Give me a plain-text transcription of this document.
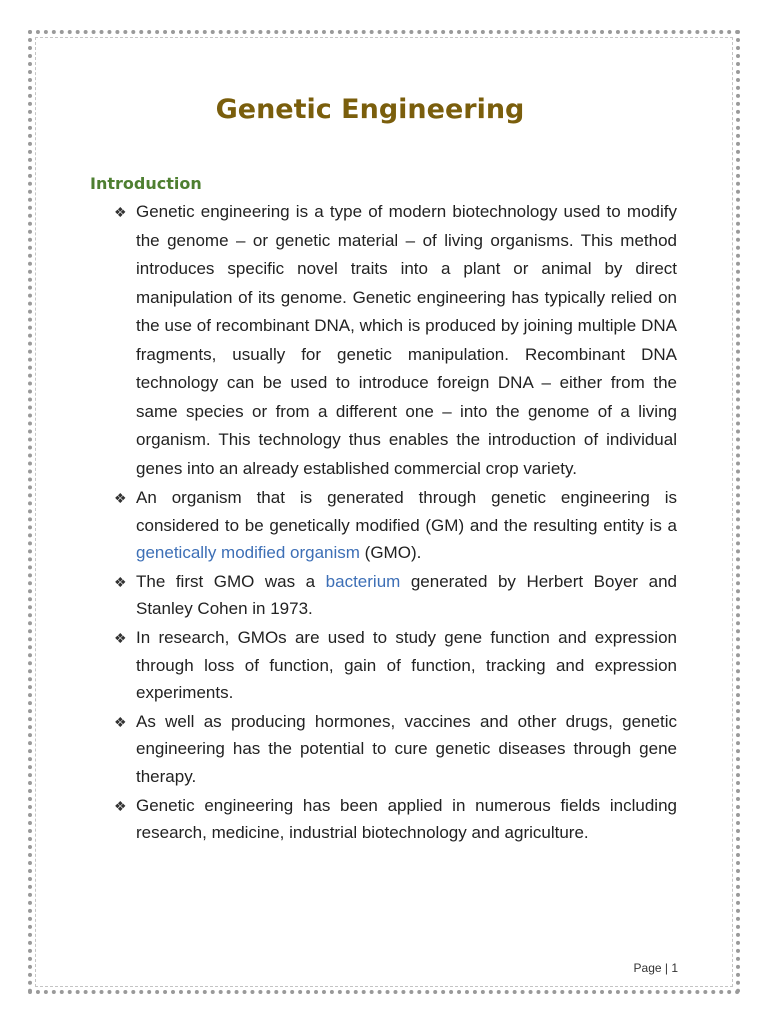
Genetic Engineering
Introduction
❖ Genetic engineering is a type of modern biotechnology used to modify the genome – or genetic material – of living organisms. This method introduces specific novel traits into a plant or animal by direct manipulation of its genome. Genetic engineering has typically relied on the use of recombinant DNA, which is produced by joining multiple DNA fragments, usually for genetic manipulation. Recombinant DNA technology can be used to introduce foreign DNA – either from the same species or from a different one – into the genome of a living organism. This technology thus enables the introduction of individual genes into an already established commercial crop variety.
❖ An organism that is generated through genetic engineering is considered to be genetically modified (GM) and the resulting entity is a genetically modified organism (GMO).
❖ The first GMO was a bacterium generated by Herbert Boyer and Stanley Cohen in 1973.
❖ In research, GMOs are used to study gene function and expression through loss of function, gain of function, tracking and expression experiments.
❖ As well as producing hormones, vaccines and other drugs, genetic engineering has the potential to cure genetic diseases through gene therapy.
❖ Genetic engineering has been applied in numerous fields including research, medicine, industrial biotechnology and agriculture.
Page | 1
